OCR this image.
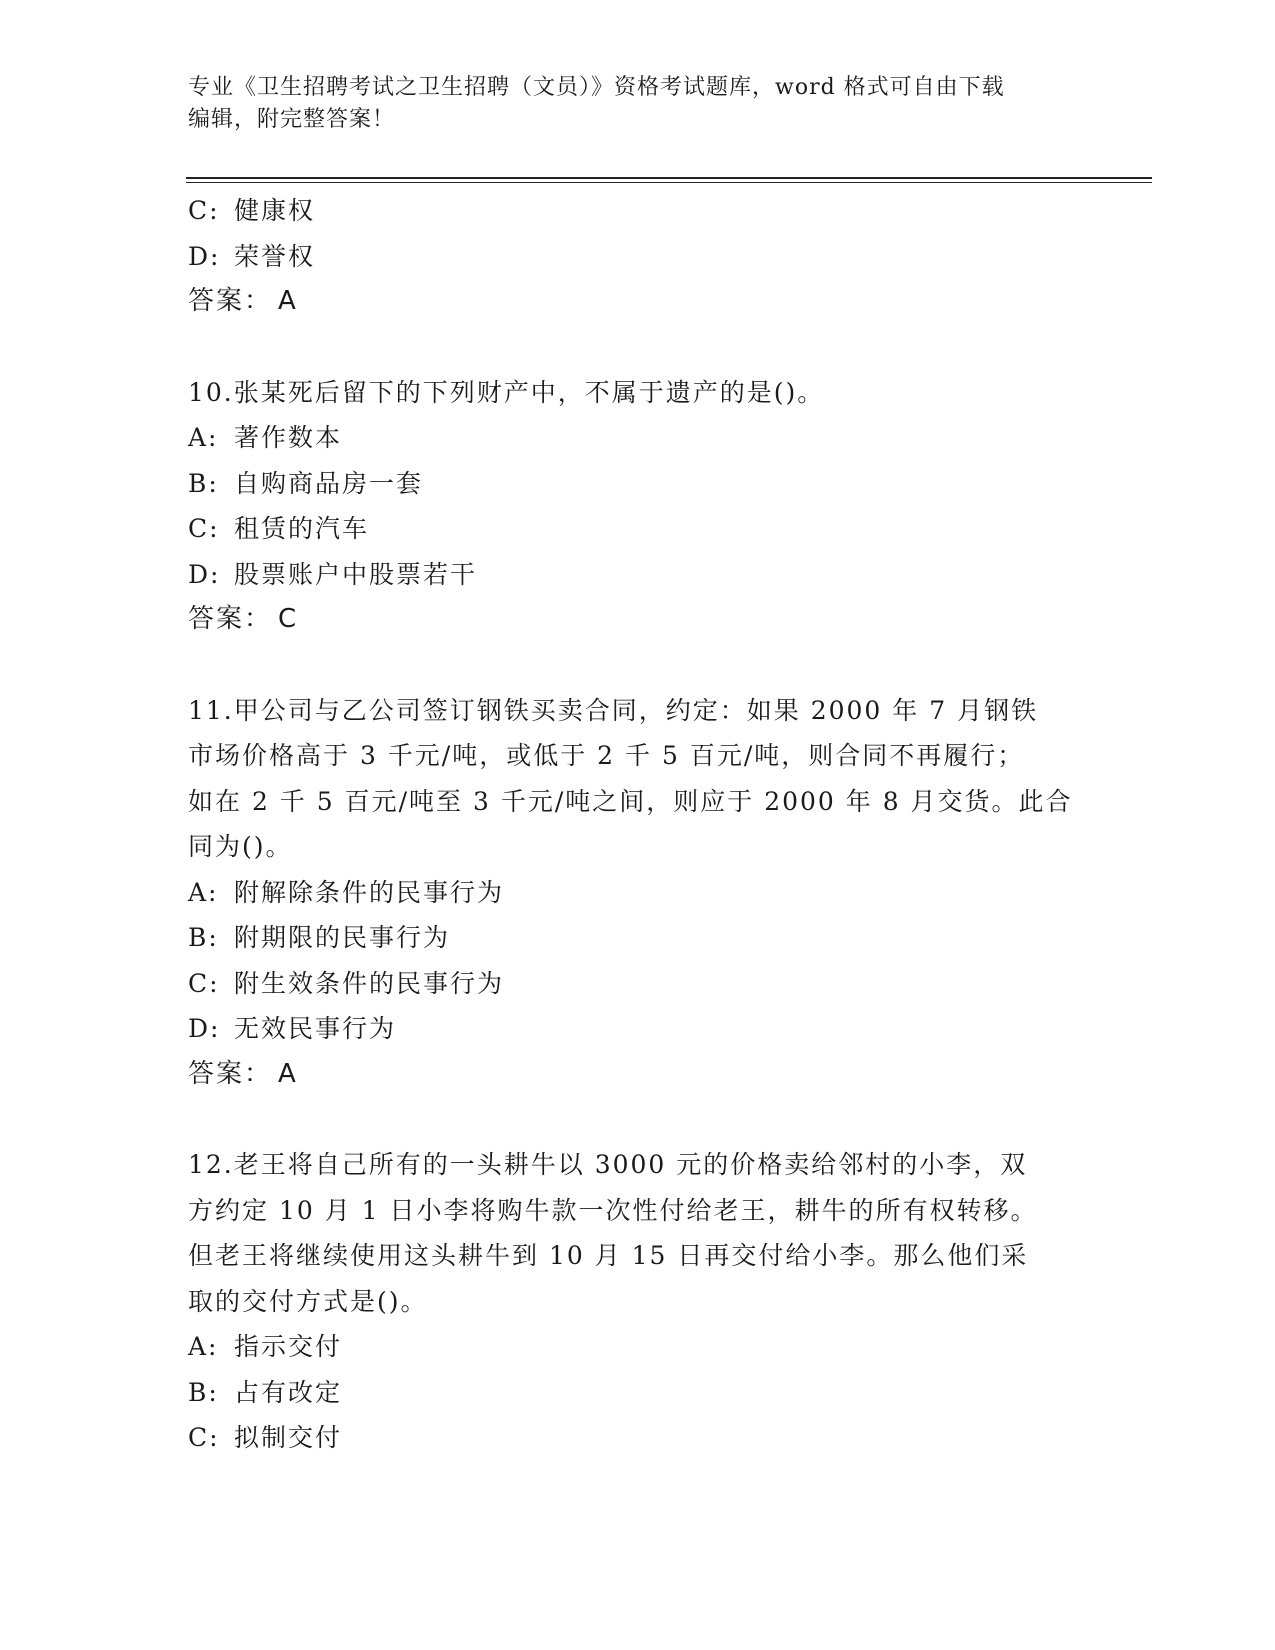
专业《卫生招聘考试之卫生招聘（文员）》资格考试题库，word 格式可自由下载
编辑，附完整答案！
C: 健康权
D: 荣誉权
答案： A
10.张某死后留下的下列财产中，不属于遗产的是()。
A: 著作数本
B: 自购商品房一套
C: 租赁的汽车
D: 股票账户中股票若干
答案： C
11.甲公司与乙公司签订钢铁买卖合同，约定：如果 2000 年 7 月钢铁
市场价格高于 3 千元/吨，或低于 2 千 5 百元/吨，则合同不再履行；
如在 2 千 5 百元/吨至 3 千元/吨之间，则应于 2000 年 8 月交货。此合
同为()。
A: 附解除条件的民事行为
B: 附期限的民事行为
C: 附生效条件的民事行为
D: 无效民事行为
答案： A
12.老王将自己所有的一头耕牛以 3000 元的价格卖给邻村的小李，双
方约定 10 月 1 日小李将购牛款一次性付给老王，耕牛的所有权转移。
但老王将继续使用这头耕牛到 10 月 15 日再交付给小李。那么他们采
取的交付方式是()。
A: 指示交付
B: 占有改定
C: 拟制交付
